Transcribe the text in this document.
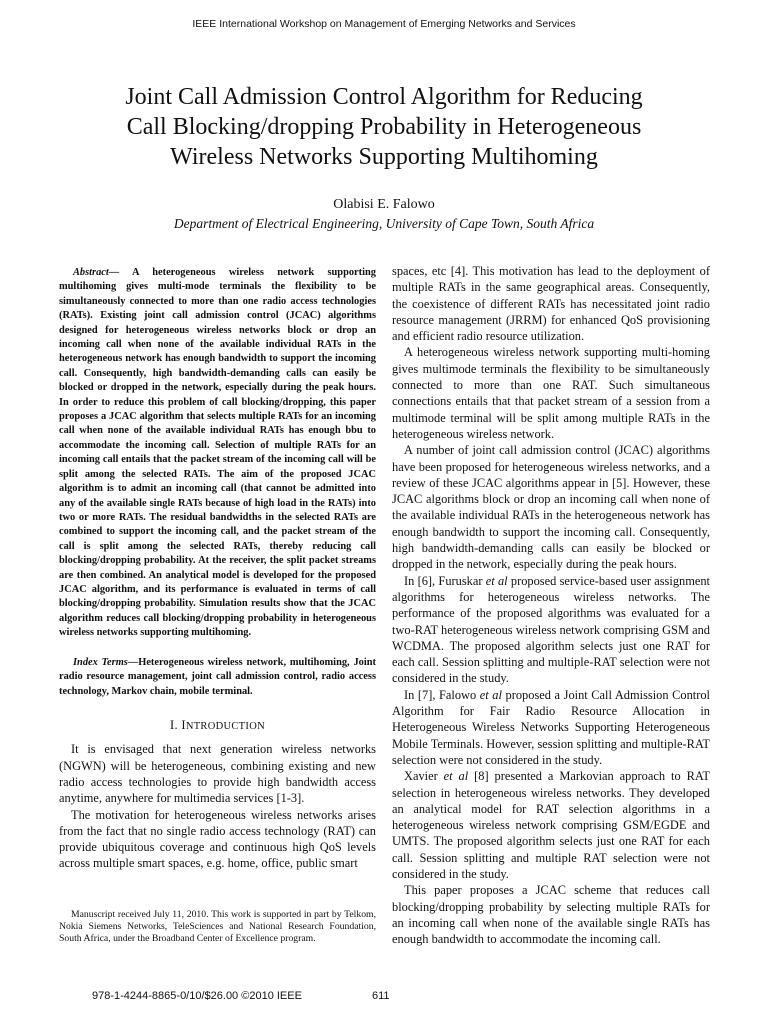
IEEE International Workshop on Management of Emerging Networks and Services
Joint Call Admission Control Algorithm for Reducing
Call Blocking/dropping Probability in Heterogeneous
Wireless Networks Supporting Multihoming
Olabisi E. Falowo
Department of Electrical Engineering, University of Cape Town, South Africa

Abstract— A heterogeneous wireless network supporting multihoming gives multi-mode terminals the flexibility to be simultaneously connected to more than one radio access technologies (RATs). Existing joint call admission control (JCAC) algorithms designed for heterogeneous wireless networks block or drop an incoming call when none of the available individual RATs in the heterogeneous network has enough bandwidth to support the incoming call. Consequently, high bandwidth-demanding calls can easily be blocked or dropped in the network, especially during the peak hours. In order to reduce this problem of call blocking/dropping, this paper proposes a JCAC algorithm that selects multiple RATs for an incoming call when none of the available individual RATs has enough bbu to accommodate the incoming call. Selection of multiple RATs for an incoming call entails that the packet stream of the incoming call will be split among the selected RATs. The aim of the proposed JCAC algorithm is to admit an incoming call (that cannot be admitted into any of the available single RATs because of high load in the RATs) into two or more RATs. The residual bandwidths in the selected RATs are combined to support the incoming call, and the packet stream of the call is split among the selected RATs, thereby reducing call blocking/dropping probability. At the receiver, the split packet streams are then combined. An analytical model is developed for the proposed JCAC algorithm, and its performance is evaluated in terms of call blocking/dropping probability. Simulation results show that the JCAC algorithm reduces call blocking/dropping probability in heterogeneous wireless networks supporting multihoming.

Index Terms—Heterogeneous wireless network, multihoming, Joint radio resource management, joint call admission control, radio access technology, Markov chain, mobile terminal.

I. INTRODUCTION

It is envisaged that next generation wireless networks (NGWN) will be heterogeneous, combining existing and new radio access technologies to provide high bandwidth access anytime, anywhere for multimedia services [1-3].

The motivation for heterogeneous wireless networks arises from the fact that no single radio access technology (RAT) can provide ubiquitous coverage and continuous high QoS levels across multiple smart spaces, e.g. home, office, public smart

Manuscript received July 11, 2010. This work is supported in part by Telkom, Nokia Siemens Networks, TeleSciences and National Research Foundation, South Africa, under the Broadband Center of Excellence program.

spaces, etc [4]. This motivation has lead to the deployment of multiple RATs in the same geographical areas. Consequently, the coexistence of different RATs has necessitated joint radio resource management (JRRM) for enhanced QoS provisioning and efficient radio resource utilization.

A heterogeneous wireless network supporting multi-homing gives multimode terminals the flexibility to be simultaneously connected to more than one RAT. Such simultaneous connections entails that that packet stream of a session from a multimode terminal will be split among multiple RATs in the heterogeneous wireless network.

A number of joint call admission control (JCAC) algorithms have been proposed for heterogeneous wireless networks, and a review of these JCAC algorithms appear in [5]. However, these JCAC algorithms block or drop an incoming call when none of the available individual RATs in the heterogeneous network has enough bandwidth to support the incoming call. Consequently, high bandwidth-demanding calls can easily be blocked or dropped in the network, especially during the peak hours.

In [6], Furuskar et al proposed service-based user assignment algorithms for heterogeneous wireless networks. The performance of the proposed algorithms was evaluated for a two-RAT heterogeneous wireless network comprising GSM and WCDMA. The proposed algorithm selects just one RAT for each call. Session splitting and multiple-RAT selection were not considered in the study.

In [7], Falowo et al proposed a Joint Call Admission Control Algorithm for Fair Radio Resource Allocation in Heterogeneous Wireless Networks Supporting Heterogeneous Mobile Terminals. However, session splitting and multiple-RAT selection were not considered in the study.

Xavier et al [8] presented a Markovian approach to RAT selection in heterogeneous wireless networks. They developed an analytical model for RAT selection algorithms in a heterogeneous wireless network comprising GSM/EGDE and UMTS. The proposed algorithm selects just one RAT for each call. Session splitting and multiple RAT selection were not considered in the study.

This paper proposes a JCAC scheme that reduces call blocking/dropping probability by selecting multiple RATs for an incoming call when none of the available single RATs has enough bandwidth to accommodate the incoming call.

978-1-4244-8865-0/10/$26.00 ©2010 IEEE	611
